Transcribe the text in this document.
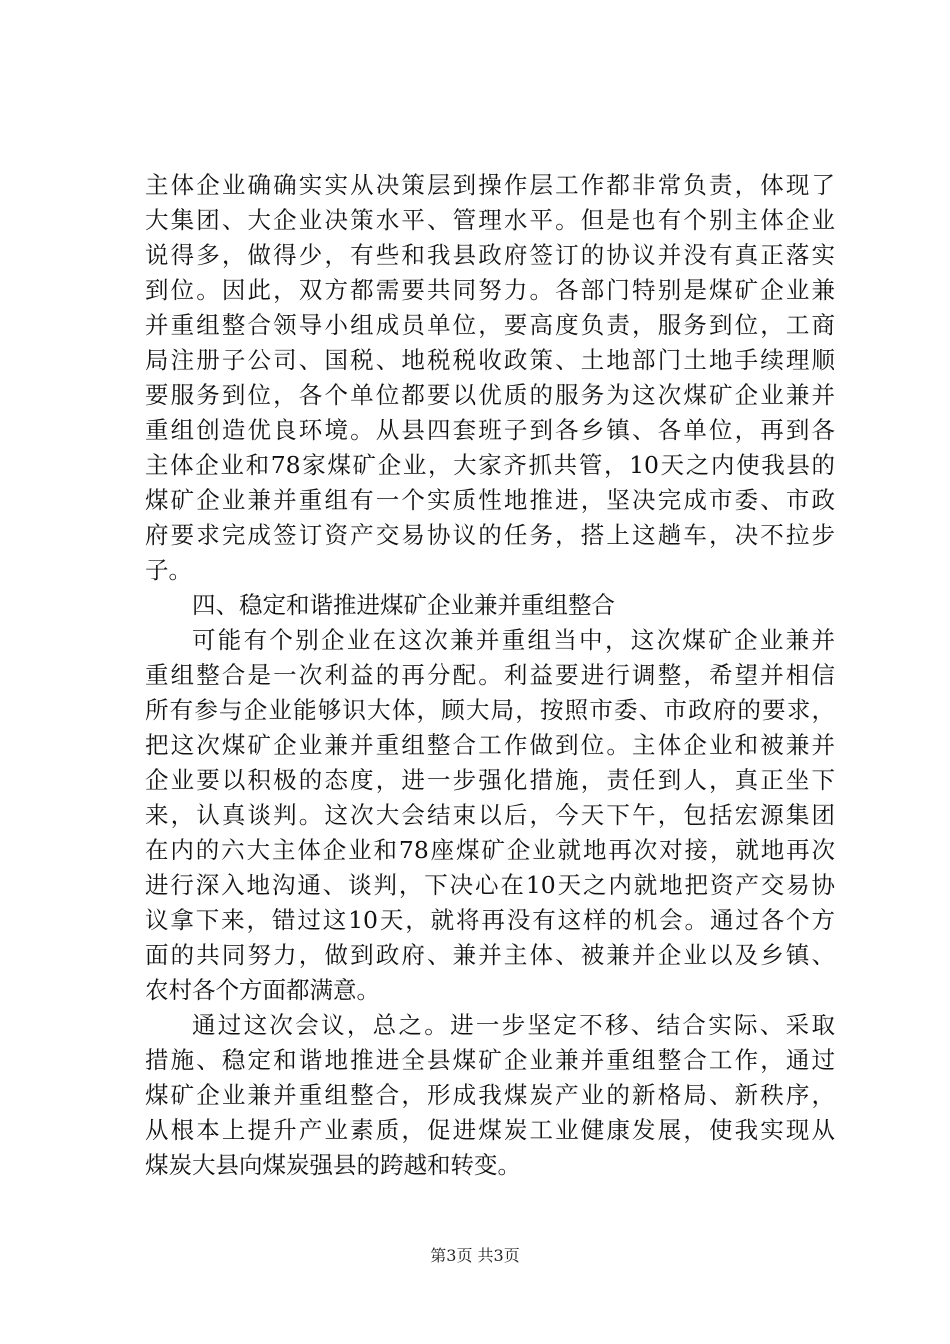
主体企业确确实实从决策层到操作层工作都非常负责，体现了
大集团、大企业决策水平、管理水平。但是也有个别主体企业
说得多，做得少，有些和我县政府签订的协议并没有真正落实
到位。因此，双方都需要共同努力。各部门特别是煤矿企业兼
并重组整合领导小组成员单位，要高度负责，服务到位，工商
局注册子公司、国税、地税税收政策、土地部门土地手续理顺
要服务到位，各个单位都要以优质的服务为这次煤矿企业兼并
重组创造优良环境。从县四套班子到各乡镇、各单位，再到各
主体企业和78家煤矿企业，大家齐抓共管，10天之内使我县的
煤矿企业兼并重组有一个实质性地推进，坚决完成市委、市政
府要求完成签订资产交易协议的任务，搭上这趟车，决不拉步
子。
四、稳定和谐推进煤矿企业兼并重组整合
可能有个别企业在这次兼并重组当中，这次煤矿企业兼并
重组整合是一次利益的再分配。利益要进行调整，希望并相信
所有参与企业能够识大体，顾大局，按照市委、市政府的要求，
把这次煤矿企业兼并重组整合工作做到位。主体企业和被兼并
企业要以积极的态度，进一步强化措施，责任到人，真正坐下
来，认真谈判。这次大会结束以后，今天下午，包括宏源集团
在内的六大主体企业和78座煤矿企业就地再次对接，就地再次
进行深入地沟通、谈判，下决心在10天之内就地把资产交易协
议拿下来，错过这10天，就将再没有这样的机会。通过各个方
面的共同努力，做到政府、兼并主体、被兼并企业以及乡镇、
农村各个方面都满意。
通过这次会议，总之。进一步坚定不移、结合实际、采取
措施、稳定和谐地推进全县煤矿企业兼并重组整合工作，通过
煤矿企业兼并重组整合，形成我煤炭产业的新格局、新秩序，
从根本上提升产业素质，促进煤炭工业健康发展，使我实现从
煤炭大县向煤炭强县的跨越和转变。
第3页 共3页
